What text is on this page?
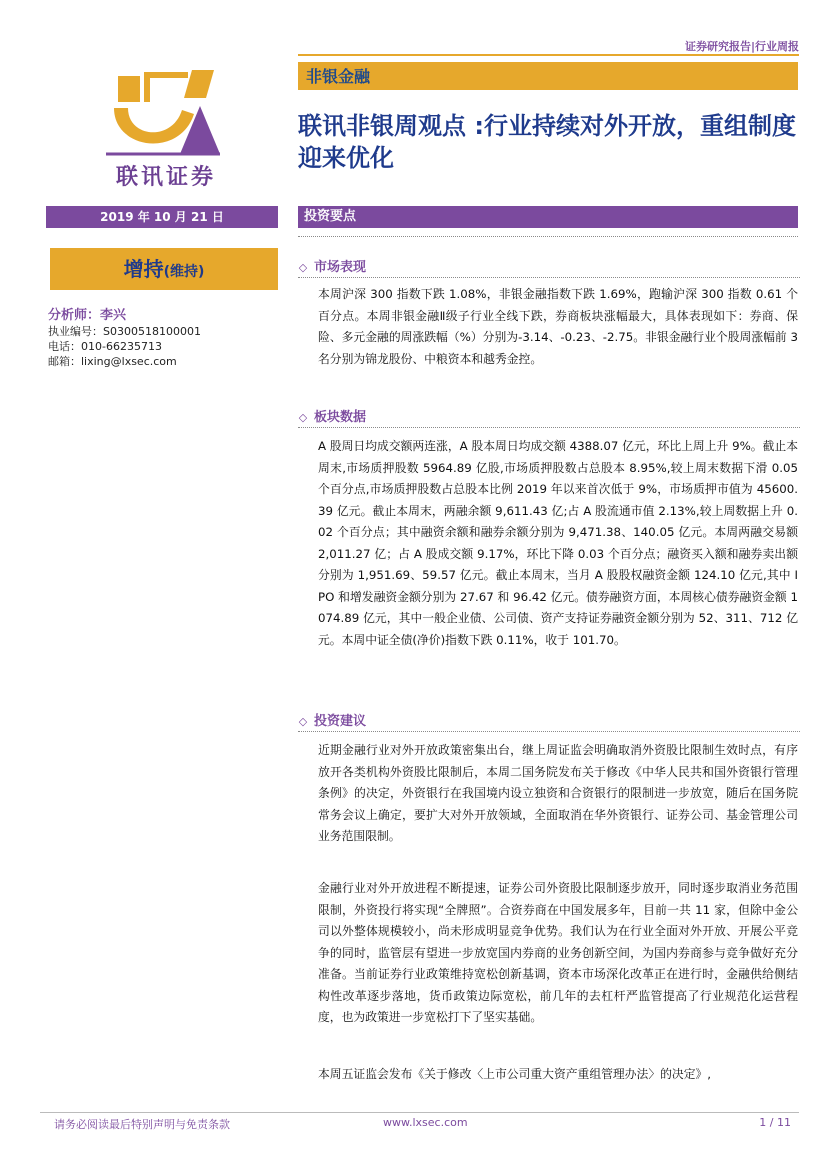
证券研究报告|行业周报
联讯证券
非银金融
联讯非银周观点 :行业持续对外开放，重组制度迎来优化
2019 年 10 月 21 日	投资要点
增持(维持)
分析师：李兴
执业编号：S0300518100001
电话：010-66235713
邮箱：lixing@lxsec.com
◇ 市场表现
本周沪深 300 指数下跌 1.08%，非银金融指数下跌 1.69%，跑输沪深 300 指数 0.61 个百分点。本周非银金融Ⅱ级子行业全线下跌，券商板块涨幅最大，具体表现如下：券商、保险、多元金融的周涨跌幅（%）分别为-3.14、-0.23、-2.75。非银金融行业个股周涨幅前 3 名分别为锦龙股份、中粮资本和越秀金控。
◇ 板块数据
A 股周日均成交额两连涨，A 股本周日均成交额 4388.07 亿元，环比上周上升 9%。截止本周末,市场质押股数 5964.89 亿股,市场质押股数占总股本 8.95%,较上周末数据下滑 0.05 个百分点,市场质押股数占总股本比例 2019 年以来首次低于 9%，市场质押市值为 45600.39 亿元。截止本周末，两融余额 9,611.43 亿;占 A 股流通市值 2.13%,较上周数据上升 0.02 个百分点；其中融资余额和融券余额分别为 9,471.38、140.05 亿元。本周两融交易额 2,011.27 亿；占 A 股成交额 9.17%，环比下降 0.03 个百分点；融资买入额和融券卖出额分别为 1,951.69、59.57 亿元。截止本周末，当月 A 股股权融资金额 124.10 亿元,其中 IPO 和增发融资金额分别为 27.67 和 96.42 亿元。债券融资方面，本周核心债券融资金额 1074.89 亿元，其中一般企业债、公司债、资产支持证券融资金额分别为 52、311、712 亿元。本周中证全债(净价)指数下跌 0.11%，收于 101.70。
◇ 投资建议
近期金融行业对外开放政策密集出台，继上周证监会明确取消外资股比限制生效时点，有序放开各类机构外资股比限制后，本周二国务院发布关于修改《中华人民共和国外资银行管理条例》的决定，外资银行在我国境内设立独资和合资银行的限制进一步放宽，随后在国务院常务会议上确定，要扩大对外开放领域，全面取消在华外资银行、证券公司、基金管理公司业务范围限制。
金融行业对外开放进程不断提速，证券公司外资股比限制逐步放开，同时逐步取消业务范围限制，外资投行将实现“全牌照”。合资券商在中国发展多年，目前一共 11 家，但除中金公司以外整体规模较小，尚未形成明显竞争优势。我们认为在行业全面对外开放、开展公平竞争的同时，监管层有望进一步放宽国内券商的业务创新空间，为国内券商参与竞争做好充分准备。当前证券行业政策维持宽松创新基调，资本市场深化改革正在进行时，金融供给侧结构性改革逐步落地，货币政策边际宽松，前几年的去杠杆严监管提高了行业规范化运营程度，也为政策进一步宽松打下了坚实基础。
本周五证监会发布《关于修改〈上市公司重大资产重组管理办法〉的决定》,
请务必阅读最后特别声明与免责条款	www.lxsec.com	1 / 11
